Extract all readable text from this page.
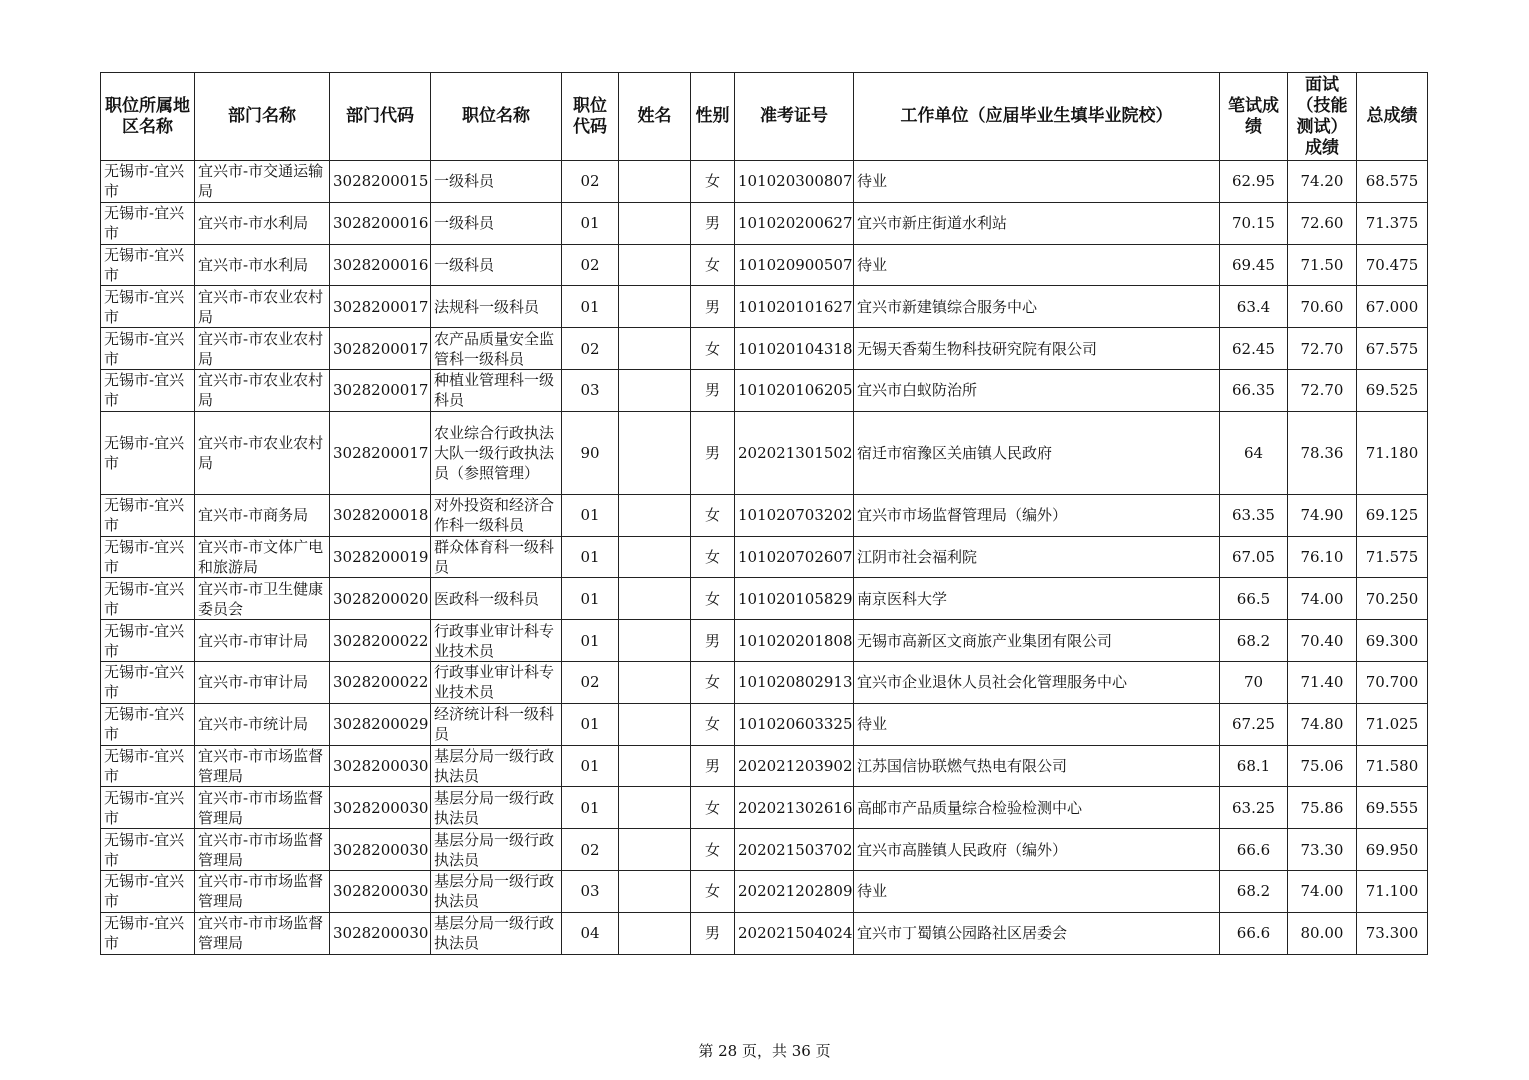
职位所属地区名称	部门名称	部门代码	职位名称	职位代码	姓名	性别	准考证号	工作单位（应届毕业生填毕业院校）	笔试成绩	面试（技能测试）成绩	总成绩
无锡市-宜兴市	宜兴市-市交通运输局	3028200015	一级科员	02		女	101020300807	待业	62.95	74.20	68.575
无锡市-宜兴市	宜兴市-市水利局	3028200016	一级科员	01		男	101020200627	宜兴市新庄街道水利站	70.15	72.60	71.375
无锡市-宜兴市	宜兴市-市水利局	3028200016	一级科员	02		女	101020900507	待业	69.45	71.50	70.475
无锡市-宜兴市	宜兴市-市农业农村局	3028200017	法规科一级科员	01		男	101020101627	宜兴市新建镇综合服务中心	63.4	70.60	67.000
无锡市-宜兴市	宜兴市-市农业农村局	3028200017	农产品质量安全监管科一级科员	02		女	101020104318	无锡天香菊生物科技研究院有限公司	62.45	72.70	67.575
无锡市-宜兴市	宜兴市-市农业农村局	3028200017	种植业管理科一级科员	03		男	101020106205	宜兴市白蚁防治所	66.35	72.70	69.525
无锡市-宜兴市	宜兴市-市农业农村局	3028200017	农业综合行政执法大队一级行政执法员（参照管理）	90		男	202021301502	宿迁市宿豫区关庙镇人民政府	64	78.36	71.180
无锡市-宜兴市	宜兴市-市商务局	3028200018	对外投资和经济合作科一级科员	01		女	101020703202	宜兴市市场监督管理局（编外）	63.35	74.90	69.125
无锡市-宜兴市	宜兴市-市文体广电和旅游局	3028200019	群众体育科一级科员	01		女	101020702607	江阴市社会福利院	67.05	76.10	71.575
无锡市-宜兴市	宜兴市-市卫生健康委员会	3028200020	医政科一级科员	01		女	101020105829	南京医科大学	66.5	74.00	70.250
无锡市-宜兴市	宜兴市-市审计局	3028200022	行政事业审计科专业技术员	01		男	101020201808	无锡市高新区文商旅产业集团有限公司	68.2	70.40	69.300
无锡市-宜兴市	宜兴市-市审计局	3028200022	行政事业审计科专业技术员	02		女	101020802913	宜兴市企业退休人员社会化管理服务中心	70	71.40	70.700
无锡市-宜兴市	宜兴市-市统计局	3028200029	经济统计科一级科员	01		女	101020603325	待业	67.25	74.80	71.025
无锡市-宜兴市	宜兴市-市市场监督管理局	3028200030	基层分局一级行政执法员	01		男	202021203902	江苏国信协联燃气热电有限公司	68.1	75.06	71.580
无锡市-宜兴市	宜兴市-市市场监督管理局	3028200030	基层分局一级行政执法员	01		女	202021302616	高邮市产品质量综合检验检测中心	63.25	75.86	69.555
无锡市-宜兴市	宜兴市-市市场监督管理局	3028200030	基层分局一级行政执法员	02		女	202021503702	宜兴市高塍镇人民政府（编外）	66.6	73.30	69.950
无锡市-宜兴市	宜兴市-市市场监督管理局	3028200030	基层分局一级行政执法员	03		女	202021202809	待业	68.2	74.00	71.100
无锡市-宜兴市	宜兴市-市市场监督管理局	3028200030	基层分局一级行政执法员	04		男	202021504024	宜兴市丁蜀镇公园路社区居委会	66.6	80.00	73.300
第 28 页，共 36 页
